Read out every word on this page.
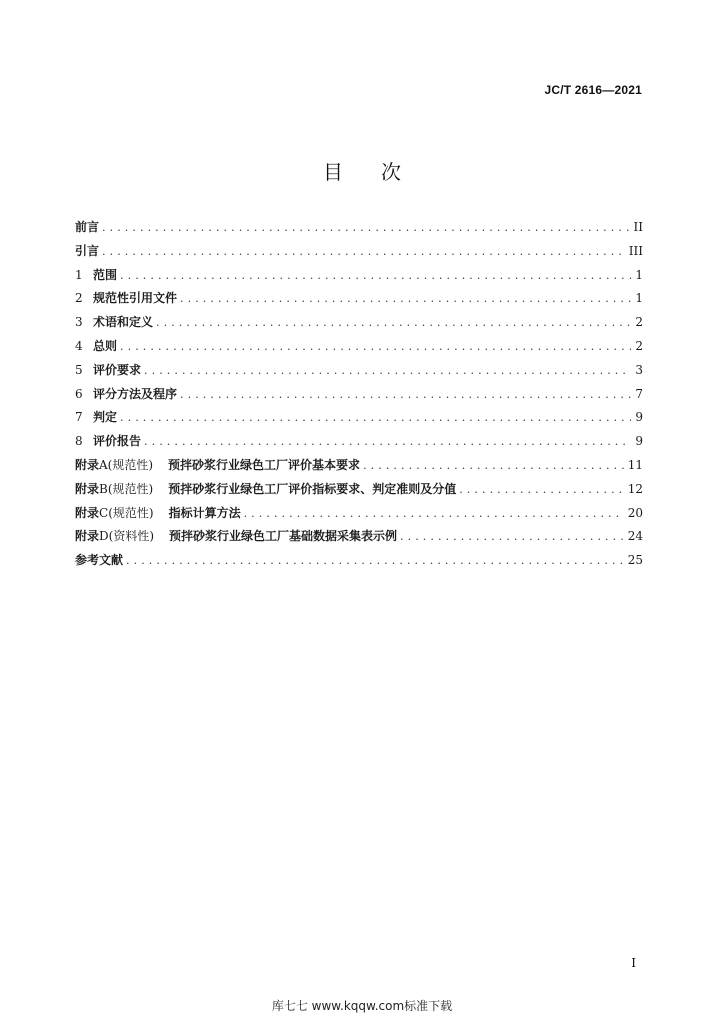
JC/T 2616—2021
目次
前言 . . .	II
引言 . . .	III
1 范围 . . .	1
2 规范性引用文件 . . .	1
3 术语和定义 . . .	2
4 总则 . . .	2
5 评价要求 . . .	3
6 评分方法及程序 . . .	7
7 判定 . . .	9
8 评价报告 . . .	9
附录 A(规范性) 预拌砂浆行业绿色工厂评价基本要求 . . .	11
附录 B(规范性) 预拌砂浆行业绿色工厂评价指标要求、判定准则及分值 . . .	12
附录 C(规范性) 指标计算方法 . . .	20
附录 D(资料性) 预拌砂浆行业绿色工厂基础数据采集表示例 . . .	24
参考文献 . . .	25
I
库七七 www.kqqw.com标准下载
